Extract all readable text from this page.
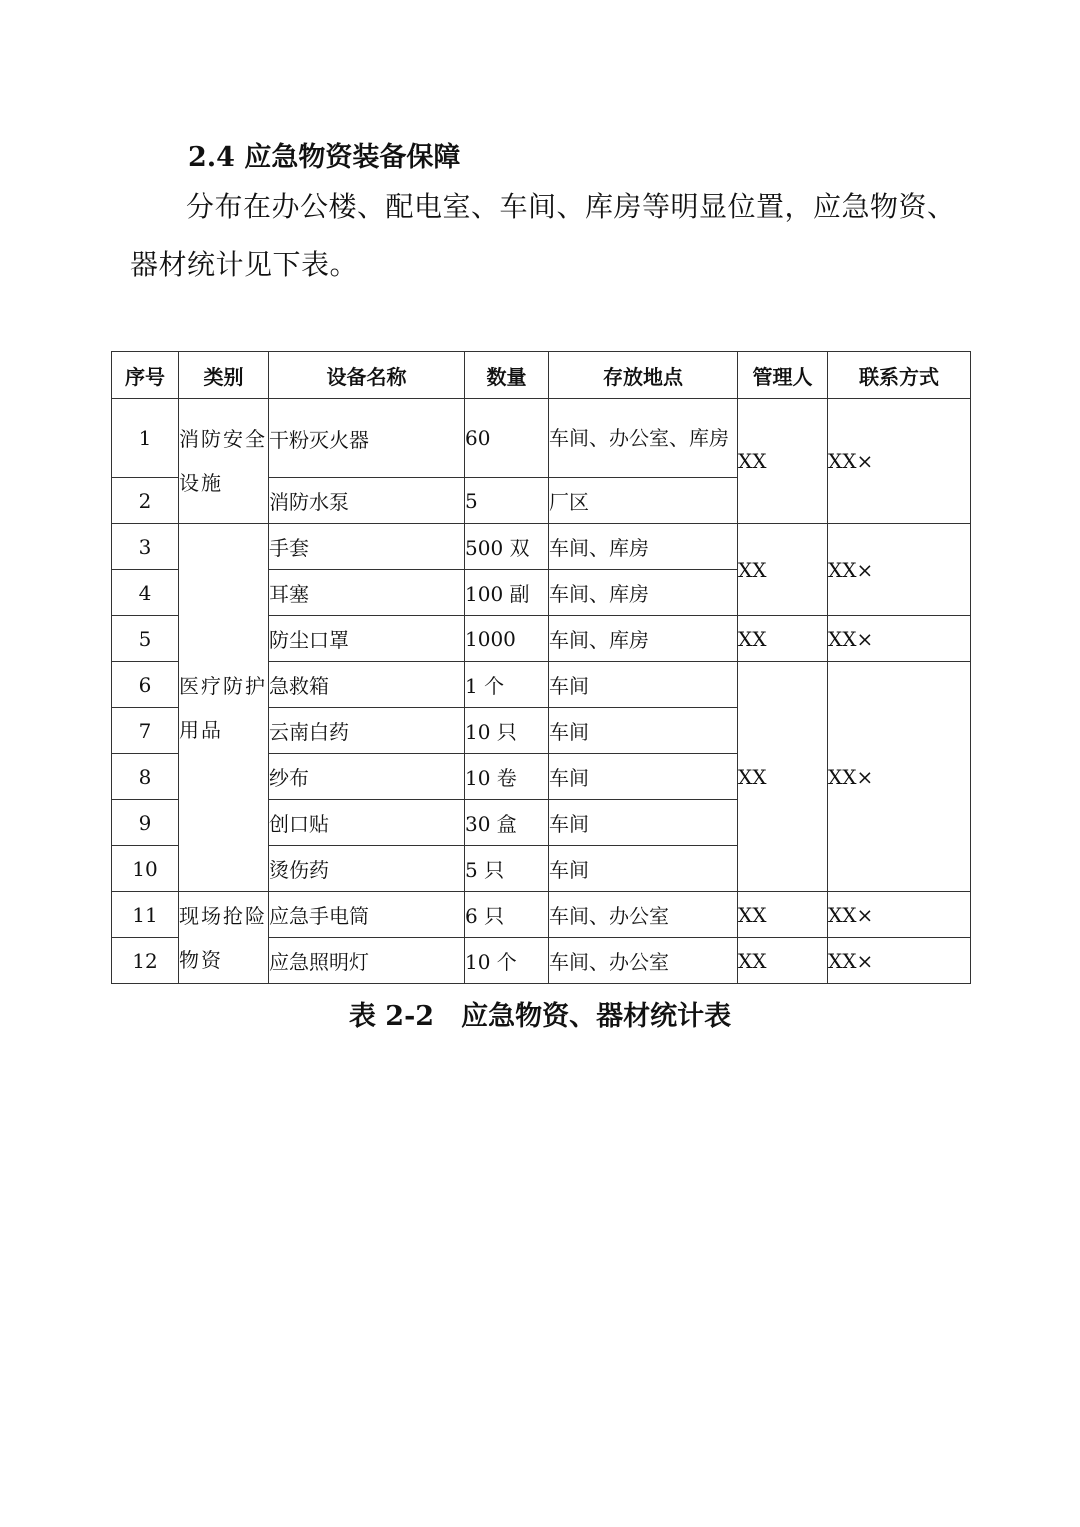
2.4 应急物资装备保障
分布在办公楼、配电室、车间、库房等明显位置，应急物资、器材统计见下表。
序号	类别	设备名称	数量	存放地点	管理人	联系方式
1	消防安全设施	干粉灭火器	60	车间、办公室、库房	XX	XX×
2		消防水泵	5	厂区		
3	医疗防护用品	手套	500 双	车间、库房	XX	XX×
4		耳塞	100 副	车间、库房		
5		防尘口罩	1000	车间、库房	XX	XX×
6		急救箱	1 个	车间	XX	XX×
7		云南白药	10 只	车间		
8		纱布	10 卷	车间		
9		创口贴	30 盒	车间		
10		烫伤药	5 只	车间		
11	现场抢险物资	应急手电筒	6 只	车间、办公室	XX	XX×
12		应急照明灯	10 个	车间、办公室	XX	XX×
表 2-2　应急物资、器材统计表
